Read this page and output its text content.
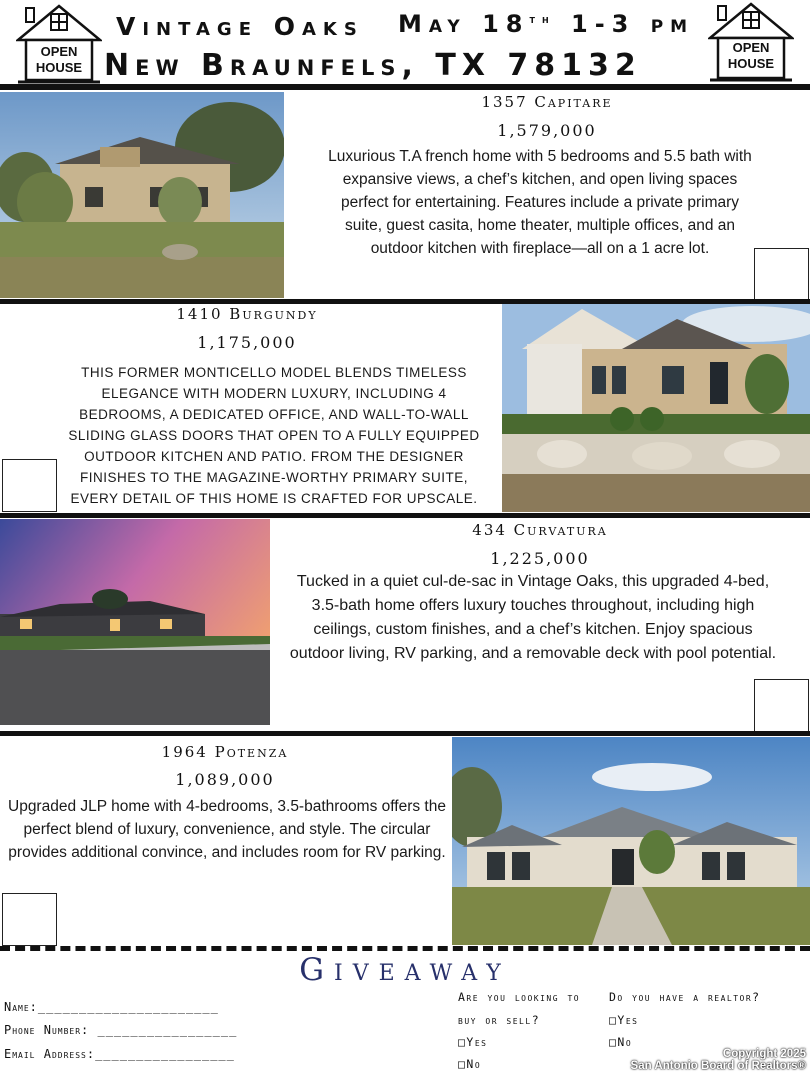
OPEN
HOUSE
OPEN
HOUSE
Vintage Oaks May 18th 1-3 pm
New Braunfels, TX 78132
1357 Capitare
1,579,000
Luxurious T.A french home with 5 bedrooms and 5.5 bath with expansive views, a chef’s kitchen, and open living spaces perfect for entertaining. Features include a private primary suite, guest casita, home theater, multiple offices, and an outdoor kitchen with fireplace—all on a 1 acre lot.
1410 Burgundy
1,175,000
THIS FORMER MONTICELLO MODEL BLENDS TIMELESS ELEGANCE WITH MODERN LUXURY, INCLUDING 4 BEDROOMS, A DEDICATED OFFICE, AND WALL-TO-WALL SLIDING GLASS DOORS THAT OPEN TO A FULLY EQUIPPED OUTDOOR KITCHEN AND PATIO. FROM THE DESIGNER FINISHES TO THE MAGAZINE-WORTHY PRIMARY SUITE, EVERY DETAIL OF THIS HOME IS CRAFTED FOR UPSCALE.
434 Curvatura
1,225,000
Tucked in a quiet cul-de-sac in Vintage Oaks, this upgraded 4-bed, 3.5-bath home offers luxury touches throughout, including high ceilings, custom finishes, and a chef’s kitchen. Enjoy spacious outdoor living, RV parking, and a removable deck with pool potential.
1964 Potenza
1,089,000
Upgraded JLP home with 4-bedrooms, 3.5-bathrooms offers the perfect blend of luxury, convenience, and style. The circular provides additional convince, and includes room for RV parking.
Giveaway
Name:______________________
Phone Number: _________________
Email Address:_________________
Are you looking to
buy or sell?
□Yes
□No
Do you have a realtor?
□Yes
□No
Copyright 2025
San Antonio Board of Realtors®
